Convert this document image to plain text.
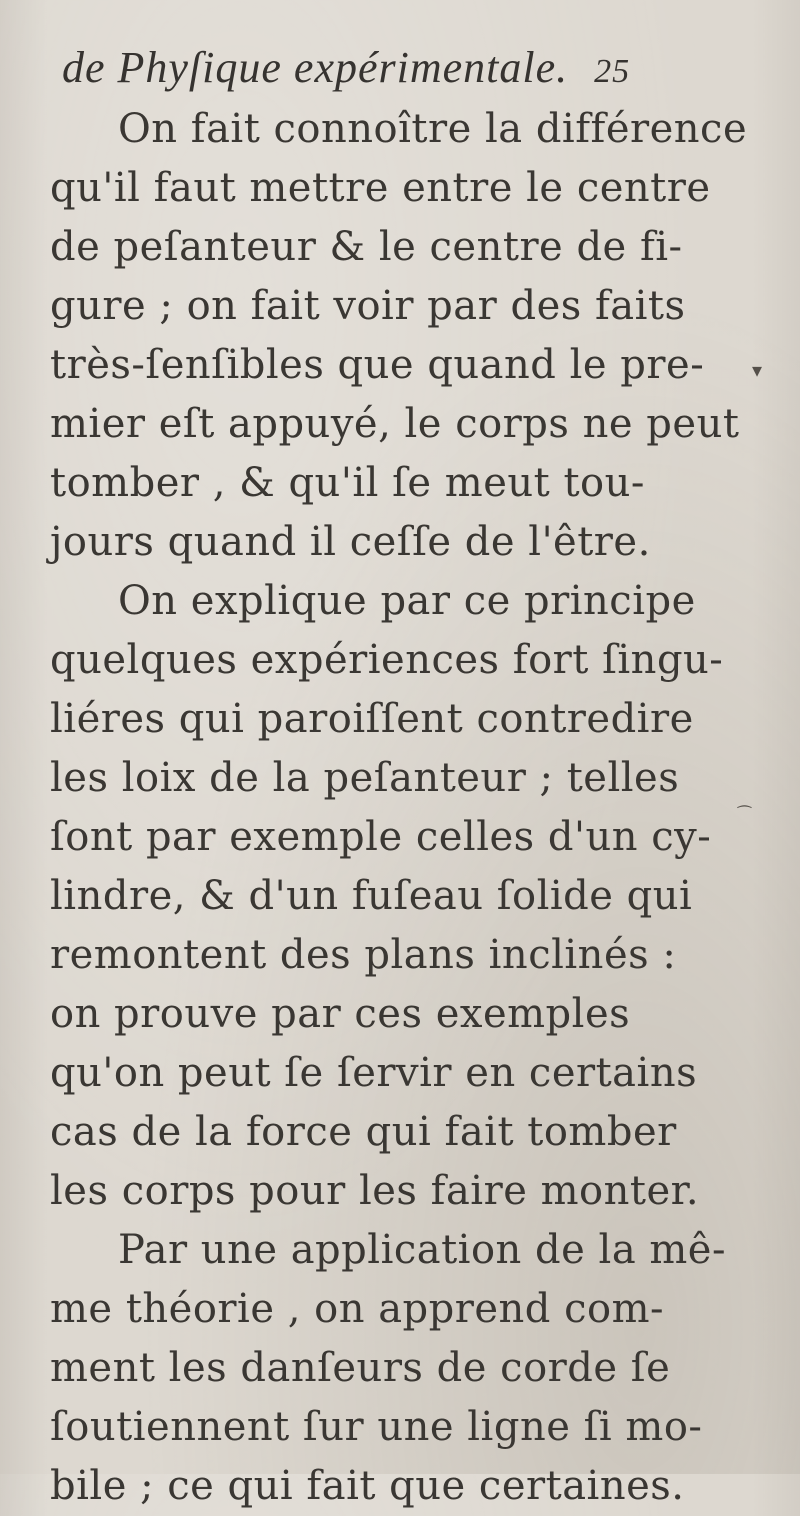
de Phyſique expérimentale. 25
On fait connoître la différence
qu'il faut mettre entre le centre
de peſanteur & le centre de fi-
gure ; on fait voir par des faits
très-ſenſibles que quand le pre-
mier eſt appuyé, le corps ne peut
tomber , & qu'il ſe meut tou-
jours quand il ceſſe de l'être.
On explique par ce principe
quelques expériences fort ſingu-
liéres qui paroiſſent contredire
les loix de la peſanteur ; telles
ſont par exemple celles d'un cy-
lindre, & d'un fuſeau ſolide qui
remontent des plans inclinés :
on prouve par ces exemples
qu'on peut ſe ſervir en certains
cas de la force qui fait tomber
les corps pour les faire monter.
Par une application de la mê-
me théorie , on apprend com-
ment les danſeurs de corde ſe
ſoutiennent ſur une ligne ſi mo-
bile ; ce qui fait que certaines.
▾
⁀
